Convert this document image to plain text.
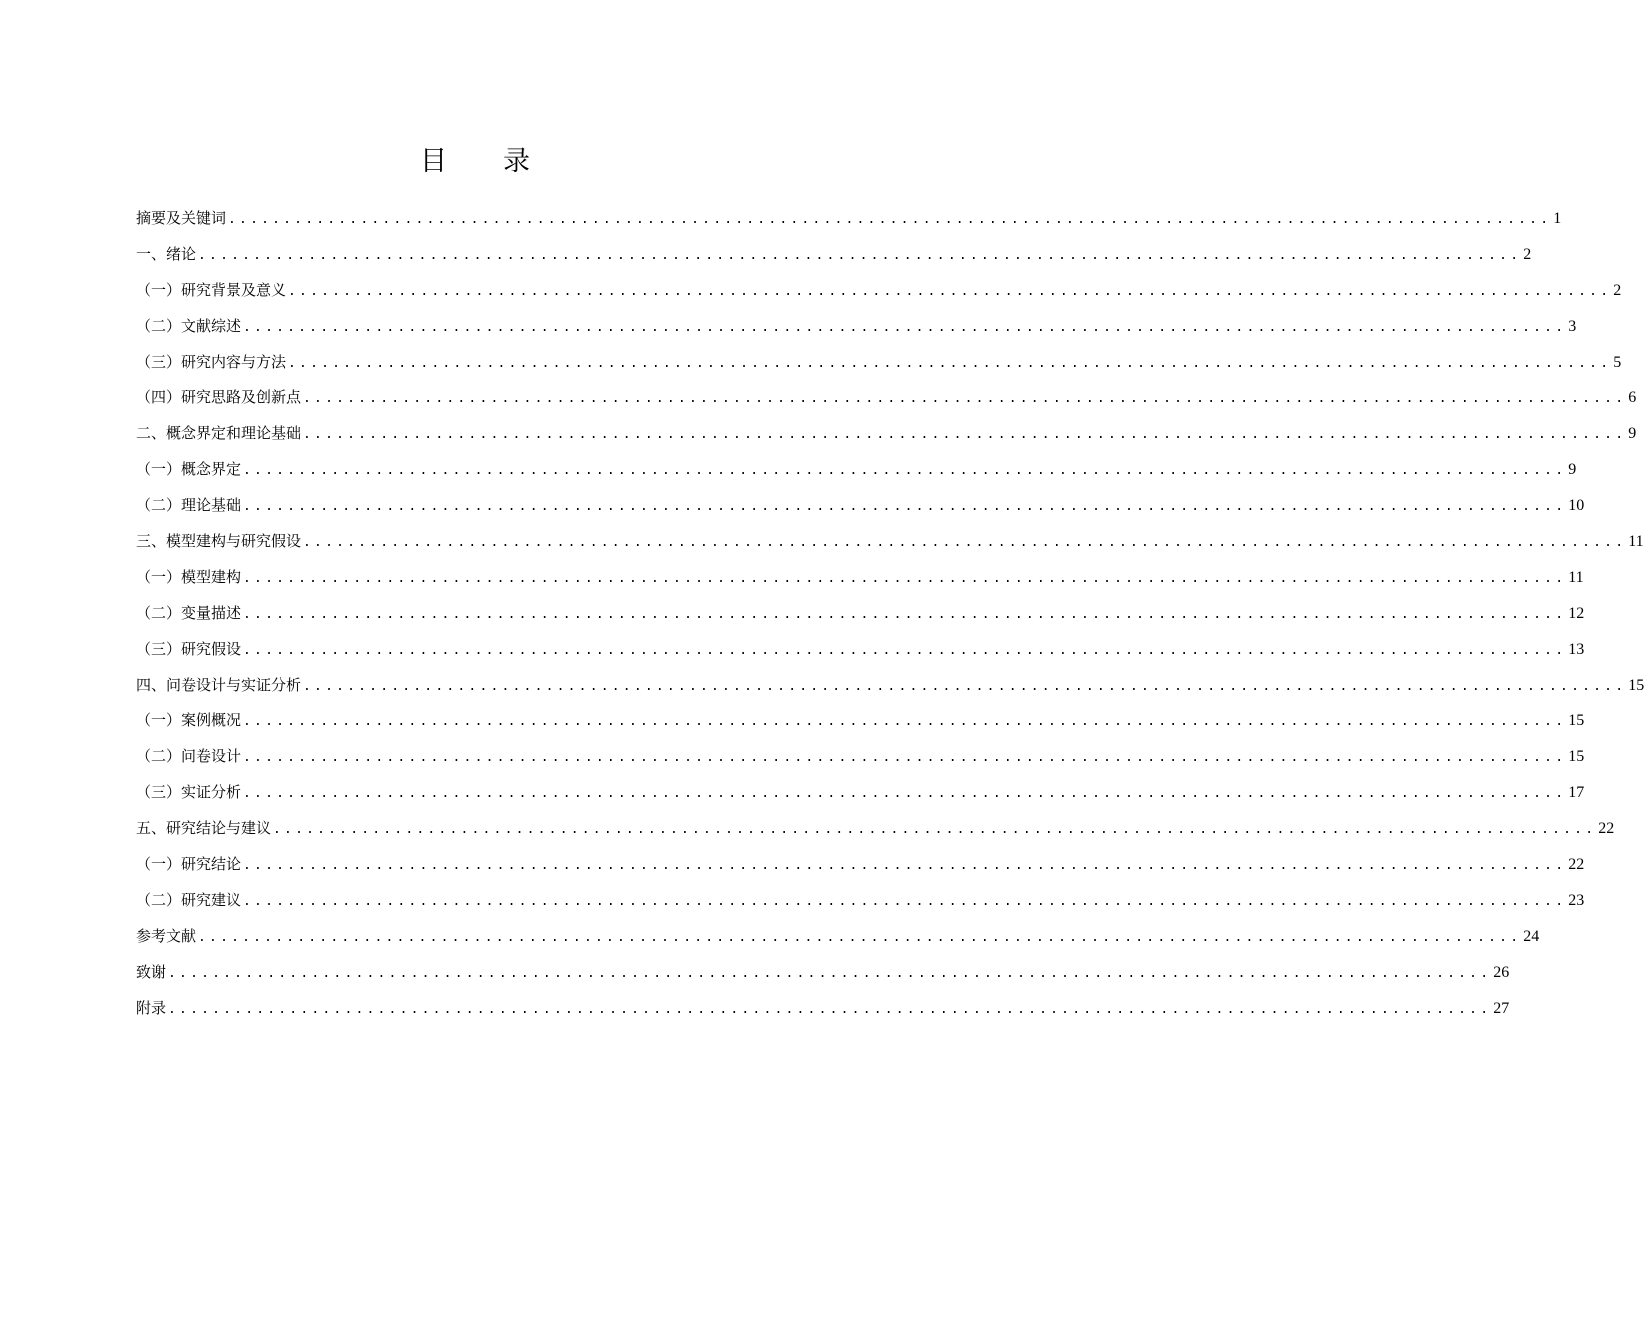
目 录
摘要及关键词 ........................................................................................................................ 1
一、绪论 ........................................................................................................................ 2
（一）研究背景及意义 ........................................................................................................................ 2
（二）文献综述 ........................................................................................................................ 3
（三）研究内容与方法 ........................................................................................................................ 5
（四）研究思路及创新点 ........................................................................................................................ 6
二、概念界定和理论基础 ........................................................................................................................ 9
（一）概念界定 ........................................................................................................................ 9
（二）理论基础 ........................................................................................................................ 10
三、模型建构与研究假设 ........................................................................................................................ 11
（一）模型建构 ........................................................................................................................ 11
（二）变量描述 ........................................................................................................................ 12
（三）研究假设 ........................................................................................................................ 13
四、问卷设计与实证分析 ........................................................................................................................ 15
（一）案例概况 ........................................................................................................................ 15
（二）问卷设计 ........................................................................................................................ 15
（三）实证分析 ........................................................................................................................ 17
五、研究结论与建议 ........................................................................................................................ 22
（一）研究结论 ........................................................................................................................ 22
（二）研究建议 ........................................................................................................................ 23
参考文献 ........................................................................................................................ 24
致谢 ........................................................................................................................ 26
附录 ........................................................................................................................ 27
